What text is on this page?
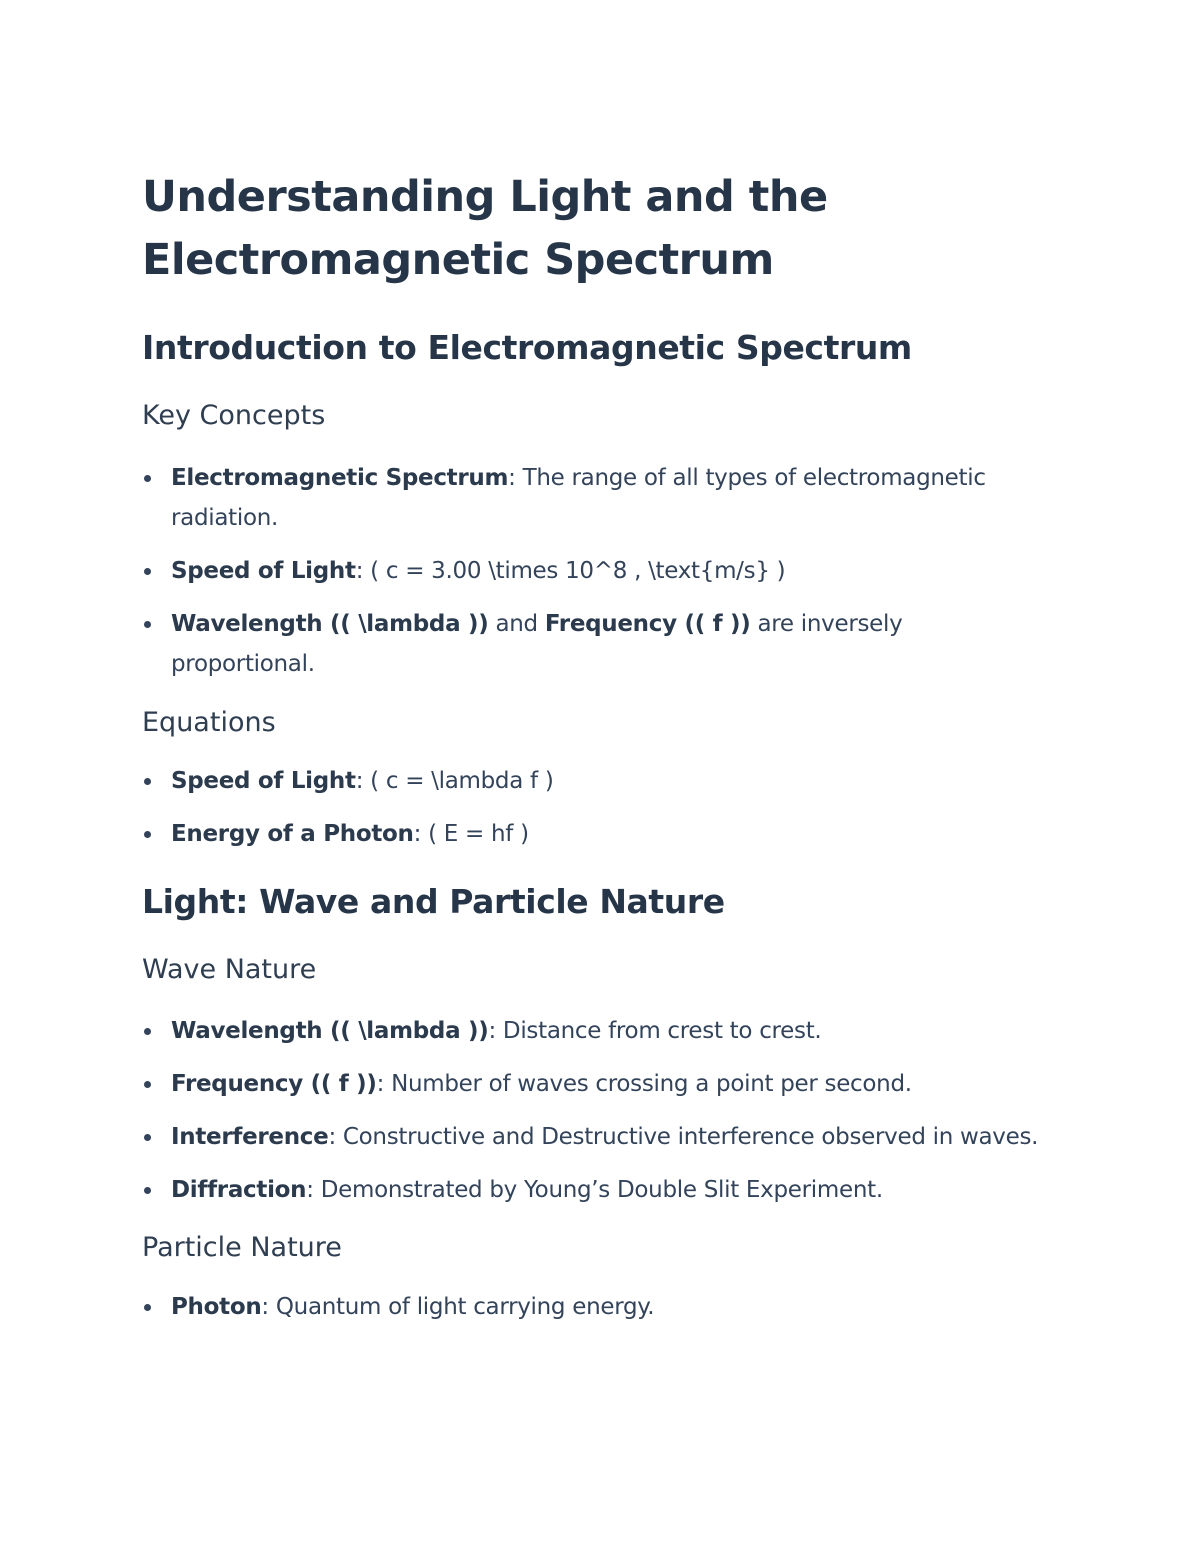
Understanding Light and the Electromagnetic Spectrum
Introduction to Electromagnetic Spectrum
Key Concepts
Electromagnetic Spectrum: The range of all types of electromagnetic radiation.
Speed of Light: ( c = 3.00 \times 10^8 , \text{m/s} )
Wavelength (( \lambda )) and Frequency (( f )) are inversely proportional.
Equations
Speed of Light: ( c = \lambda f )
Energy of a Photon: ( E = hf )
Light: Wave and Particle Nature
Wave Nature
Wavelength (( \lambda )): Distance from crest to crest.
Frequency (( f )): Number of waves crossing a point per second.
Interference: Constructive and Destructive interference observed in waves.
Diffraction: Demonstrated by Young’s Double Slit Experiment.
Particle Nature
Photon: Quantum of light carrying energy.
